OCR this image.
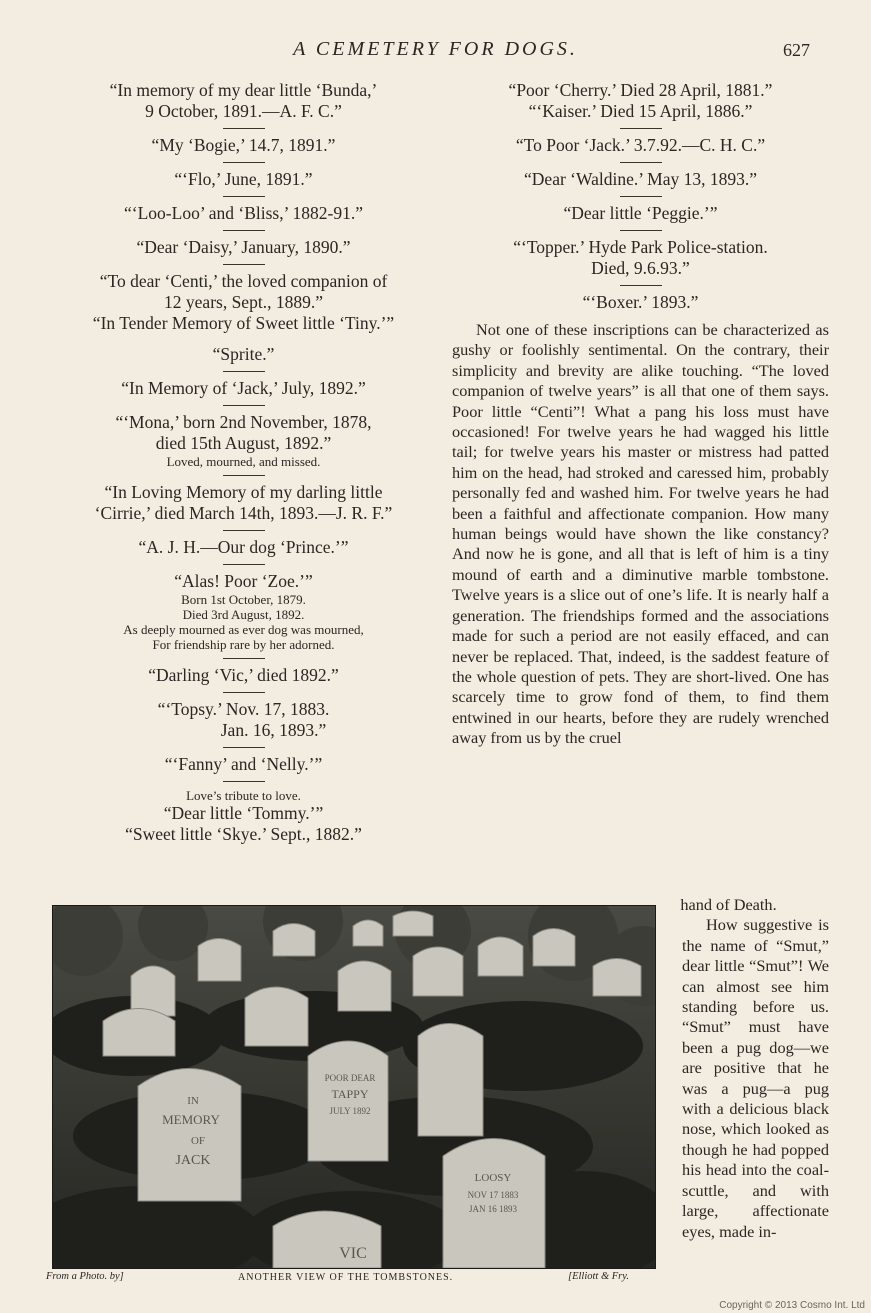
A CEMETERY FOR DOGS.	627
“In memory of my dear little ‘Bunda,’
9 October, 1891.—A. F. C.”
“My ‘Bogie,’ 14.7, 1891.”
“‘Flo,’ June, 1891.”
“‘Loo-Loo’ and ‘Bliss,’ 1882-91.”
“Dear ‘Daisy,’ January, 1890.”
“To dear ‘Centi,’ the loved companion of
12 years, Sept., 1889.”
“In Tender Memory of Sweet little ‘Tiny.’”
“Sprite.”
“In Memory of ‘Jack,’ July, 1892.”
“‘Mona,’ born 2nd November, 1878,
died 15th August, 1892.”
Loved, mourned, and missed.
“In Loving Memory of my darling little
‘Cirrie,’ died March 14th, 1893.—J. R. F.”
“A. J. H.—Our dog ‘Prince.’”
“Alas! Poor ‘Zoe.’”
Born 1st October, 1879.
Died 3rd August, 1892.
As deeply mourned as ever dog was mourned,
For friendship rare by her adorned.
“Darling ‘Vic,’ died 1892.”
“‘Topsy.’ Nov. 17, 1883.
Jan. 16, 1893.”
“‘Fanny’ and ‘Nelly.’”
Love’s tribute to love.
“Dear little ‘Tommy.’”
“Sweet little ‘Skye.’ Sept., 1882.”
“Poor ‘Cherry.’ Died 28 April, 1881.”
“‘Kaiser.’ Died 15 April, 1886.”
“To Poor ‘Jack.’ 3.7.92.—C. H. C.”
“Dear ‘Waldine.’ May 13, 1893.”
“Dear little ‘Peggie.’”
“‘Topper.’ Hyde Park Police-station.
Died, 9.6.93.”
“‘Boxer.’ 1893.”

Not one of these inscriptions can be characterized as gushy or foolishly sentimental. On the contrary, their simplicity and brevity are alike touching. “The loved companion of twelve years” is all that one of them says. Poor little “Centi”! What a pang his loss must have occasioned! For twelve years he had wagged his little tail; for twelve years his master or mistress had patted him on the head, had stroked and caressed him, probably personally fed and washed him. For twelve years he had been a faithful and affectionate companion. How many human beings would have shown the like constancy? And now he is gone, and all that is left of him is a tiny mound of earth and a diminutive marble tombstone. Twelve years is a slice out of one’s life. It is nearly half a generation. The friendships formed and the associations made for such a period are not easily effaced, and can never be replaced. That, indeed, is the saddest feature of the whole question of pets. They are short-lived. One has scarcely time to grow fond of them, to find them entwined in our hearts, before they are rudely wrenched away from us by the cruel

hand of Death.
How suggestive is the name of “Smut,” dear little “Smut”! We can almost see him standing before us. “Smut” must have been a pug dog—we are positive that he was a pug—a pug with a delicious black nose, which looked as though he had popped his head into the coal-scuttle, and with large, affectionate eyes, made in-

IN
MEMORY
OF
JACK
POOR DEAR
TAPPY
JULY 1892
LOOSY
NOV 17 1883
JAN 16 1893
VIC
From a Photo. by]	ANOTHER VIEW OF THE TOMBSTONES.	[Elliott & Fry.
Copyright © 2013 Cosmo Int. Ltd
